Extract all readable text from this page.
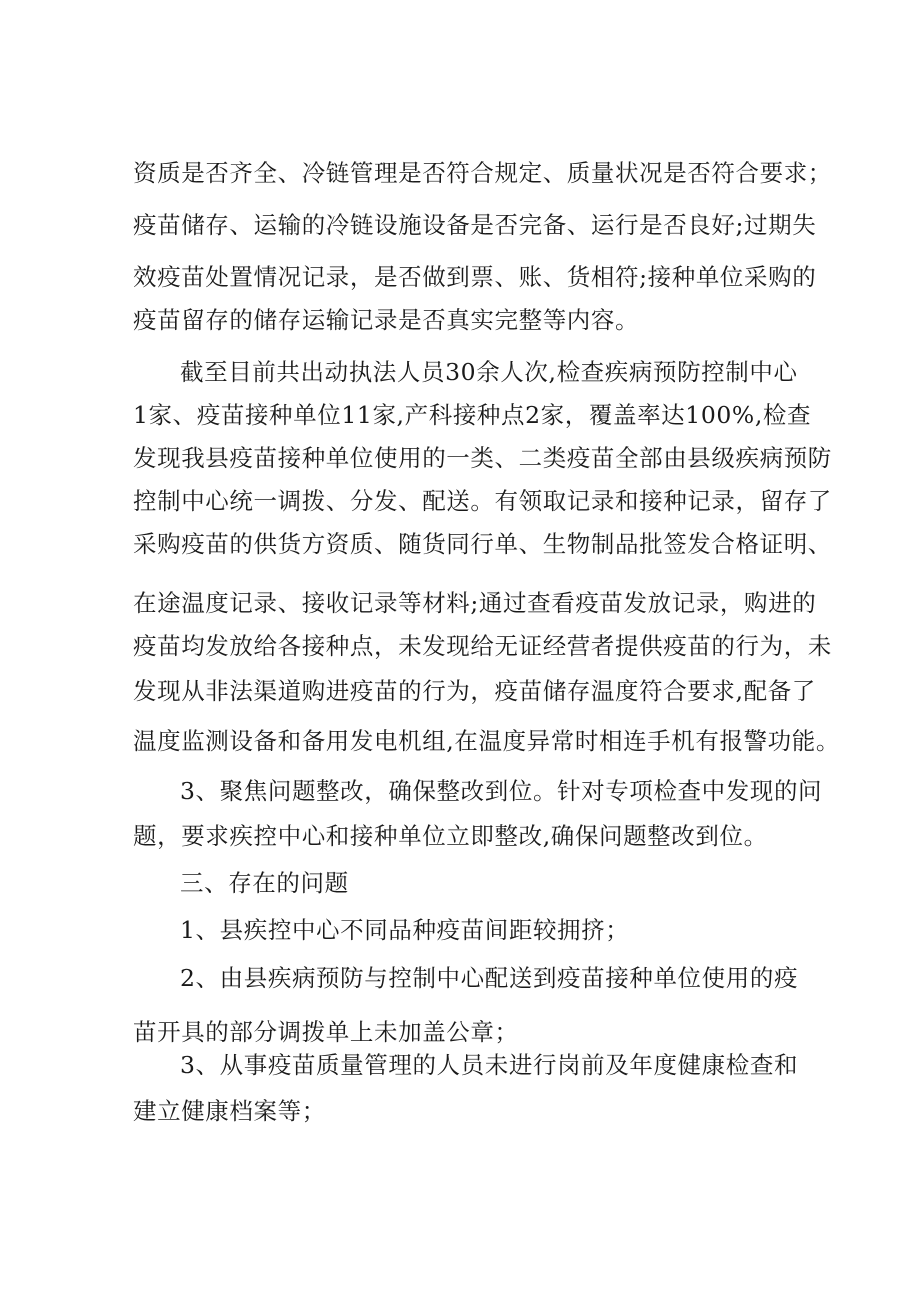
资质是否齐全、冷链管理是否符合规定、质量状况是否符合要求；
疫苗储存、运输的冷链设施设备是否完备、运行是否良好;过期失
效疫苗处置情况记录，是否做到票、账、货相符;接种单位采购的
疫苗留存的储存运输记录是否真实完整等内容。
截至目前共出动执法人员30余人次,检查疾病预防控制中心
1家、疫苗接种单位11家,产科接种点2家，覆盖率达100%,检查
发现我县疫苗接种单位使用的一类、二类疫苗全部由县级疾病预防
控制中心统一调拨、分发、配送。有领取记录和接种记录，留存了
采购疫苗的供货方资质、随货同行单、生物制品批签发合格证明、
在途温度记录、接收记录等材料;通过查看疫苗发放记录，购进的
疫苗均发放给各接种点，未发现给无证经营者提供疫苗的行为，未
发现从非法渠道购进疫苗的行为，疫苗储存温度符合要求,配备了
温度监测设备和备用发电机组,在温度异常时相连手机有报警功能。
3、聚焦问题整改，确保整改到位。针对专项检查中发现的问
题，要求疾控中心和接种单位立即整改,确保问题整改到位。
三、存在的问题
1、县疾控中心不同品种疫苗间距较拥挤；
2、由县疾病预防与控制中心配送到疫苗接种单位使用的疫
苗开具的部分调拨单上未加盖公章；
3、从事疫苗质量管理的人员未进行岗前及年度健康检查和
建立健康档案等；
